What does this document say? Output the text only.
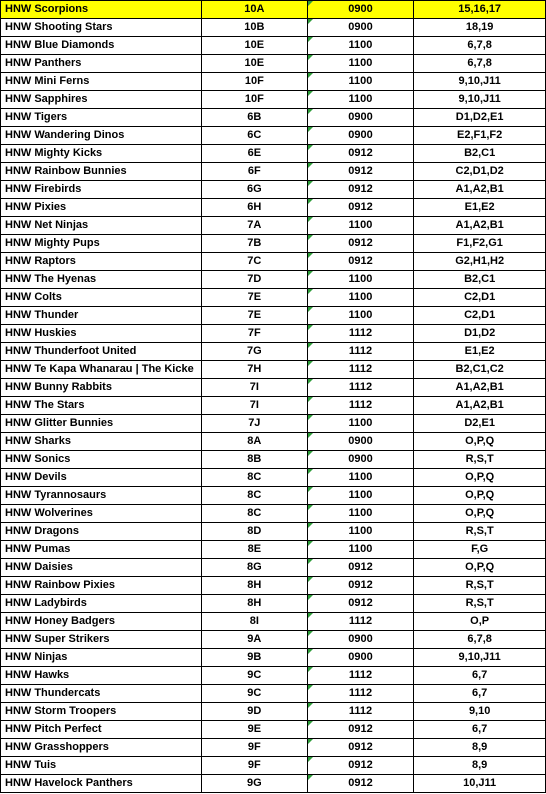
HNW Scorpions	10A	0900	15,16,17
HNW Shooting Stars	10B	0900	18,19
HNW Blue Diamonds	10E	1100	6,7,8
HNW Panthers	10E	1100	6,7,8
HNW Mini Ferns	10F	1100	9,10,J11
HNW Sapphires	10F	1100	9,10,J11
HNW Tigers	6B	0900	D1,D2,E1
HNW Wandering Dinos	6C	0900	E2,F1,F2
HNW Mighty Kicks	6E	0912	B2,C1
HNW Rainbow Bunnies	6F	0912	C2,D1,D2
HNW Firebirds	6G	0912	A1,A2,B1
HNW Pixies	6H	0912	E1,E2
HNW Net Ninjas	7A	1100	A1,A2,B1
HNW Mighty Pups	7B	0912	F1,F2,G1
HNW Raptors	7C	0912	G2,H1,H2
HNW The Hyenas	7D	1100	B2,C1
HNW Colts	7E	1100	C2,D1
HNW Thunder	7E	1100	C2,D1
HNW Huskies	7F	1112	D1,D2
HNW Thunderfoot United	7G	1112	E1,E2
HNW Te Kapa Whanarau | The Kicke	7H	1112	B2,C1,C2
HNW Bunny Rabbits	7I	1112	A1,A2,B1
HNW The Stars	7I	1112	A1,A2,B1
HNW Glitter Bunnies	7J	1100	D2,E1
HNW Sharks	8A	0900	O,P,Q
HNW Sonics	8B	0900	R,S,T
HNW Devils	8C	1100	O,P,Q
HNW Tyrannosaurs	8C	1100	O,P,Q
HNW Wolverines	8C	1100	O,P,Q
HNW Dragons	8D	1100	R,S,T
HNW Pumas	8E	1100	F,G
HNW Daisies	8G	0912	O,P,Q
HNW Rainbow Pixies	8H	0912	R,S,T
HNW Ladybirds	8H	0912	R,S,T
HNW Honey Badgers	8I	1112	O,P
HNW Super Strikers	9A	0900	6,7,8
HNW Ninjas	9B	0900	9,10,J11
HNW Hawks	9C	1112	6,7
HNW Thundercats	9C	1112	6,7
HNW Storm Troopers	9D	1112	9,10
HNW Pitch Perfect	9E	0912	6,7
HNW Grasshoppers	9F	0912	8,9
HNW Tuis	9F	0912	8,9
HNW Havelock Panthers	9G	0912	10,J11
